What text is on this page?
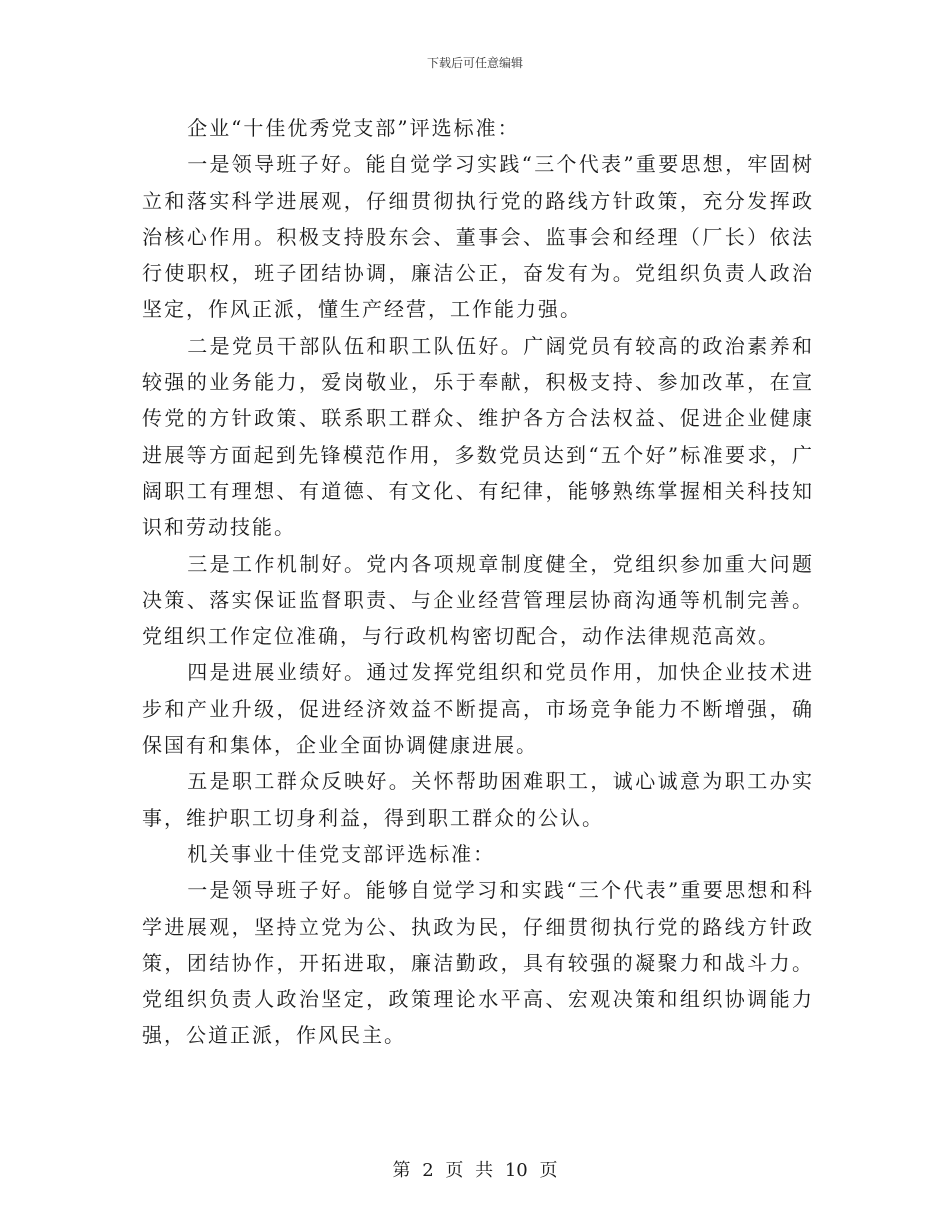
下载后可任意编辑

企业“十佳优秀党支部”评选标准：

一是领导班子好。能自觉学习实践“三个代表”重要思想，牢固树立和落实科学进展观，仔细贯彻执行党的路线方针政策，充分发挥政治核心作用。积极支持股东会、董事会、监事会和经理（厂长）依法行使职权，班子团结协调，廉洁公正，奋发有为。党组织负责人政治坚定，作风正派，懂生产经营，工作能力强。

二是党员干部队伍和职工队伍好。广阔党员有较高的政治素养和较强的业务能力，爱岗敬业，乐于奉献，积极支持、参加改革，在宣传党的方针政策、联系职工群众、维护各方合法权益、促进企业健康进展等方面起到先锋模范作用，多数党员达到“五个好”标准要求，广阔职工有理想、有道德、有文化、有纪律，能够熟练掌握相关科技知识和劳动技能。

三是工作机制好。党内各项规章制度健全，党组织参加重大问题决策、落实保证监督职责、与企业经营管理层协商沟通等机制完善。党组织工作定位准确，与行政机构密切配合，动作法律规范高效。

四是进展业绩好。通过发挥党组织和党员作用，加快企业技术进步和产业升级，促进经济效益不断提高，市场竞争能力不断增强，确保国有和集体，企业全面协调健康进展。

五是职工群众反映好。关怀帮助困难职工，诚心诚意为职工办实事，维护职工切身利益，得到职工群众的公认。

机关事业十佳党支部评选标准：

一是领导班子好。能够自觉学习和实践“三个代表”重要思想和科学进展观，坚持立党为公、执政为民，仔细贯彻执行党的路线方针政策，团结协作，开拓进取，廉洁勤政，具有较强的凝聚力和战斗力。党组织负责人政治坚定，政策理论水平高、宏观决策和组织协调能力强，公道正派，作风民主。

第 2 页 共 10 页
